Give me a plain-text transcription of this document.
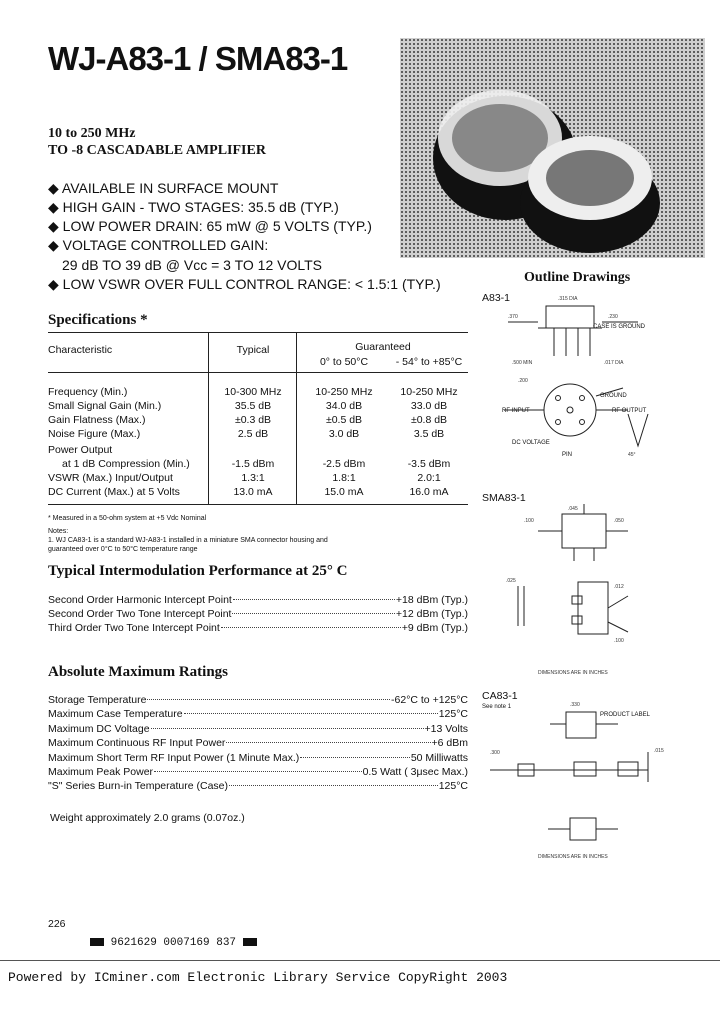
WJ-A83-1 / SMA83-1
10 to 250 MHz
TO -8 CASCADABLE AMPLIFIER
◆ AVAILABLE IN SURFACE MOUNT
◆ HIGH GAIN - TWO STAGES: 35.5 dB (TYP.)
◆ LOW POWER DRAIN: 65 mW @ 5 VOLTS (TYP.)
◆ VOLTAGE CONTROLLED GAIN:
29 dB TO 39 dB @ Vcc = 3 TO 12 VOLTS
◆ LOW VSWR OVER FULL CONTROL RANGE: < 1.5:1 (TYP.)
Specifications *
Characteristic	Typical	Guaranteed
0° to 50°C	- 54° to +85°C
Frequency (Min.)	10-300 MHz	10-250 MHz	10-250 MHz
Small Signal Gain (Min.)	35.5 dB	34.0 dB	33.0 dB
Gain Flatness (Max.)	±0.3 dB	±0.5 dB	±0.8 dB
Noise Figure (Max.)	2.5 dB	3.0 dB	3.5 dB
Power Output
at 1 dB Compression (Min.)	-1.5 dBm	-2.5 dBm	-3.5 dBm
VSWR (Max.) Input/Output	1.3:1	1.8:1	2.0:1
DC Current (Max.) at 5 Volts	13.0 mA	15.0 mA	16.0 mA
* Measured in a 50-ohm system at +5 Vdc Nominal
Notes:
1. WJ CA83-1 is a standard WJ-A83-1 installed in a miniature SMA connector housing and
guaranteed over 0°C to 50°C temperature range
Typical Intermodulation Performance at 25° C
Second Order Harmonic Intercept Point	+18 dBm (Typ.)
Second Order Two Tone Intercept Point	+12 dBm (Typ.)
Third Order Two Tone Intercept Point	+9 dBm (Typ.)
Absolute Maximum Ratings
Storage Temperature	-62°C to +125°C
Maximum Case Temperature	125°C
Maximum DC Voltage	+13 Volts
Maximum Continuous RF Input Power	+6 dBm
Maximum Short Term RF Input Power (1 Minute Max.)	50 Milliwatts
Maximum Peak Power	0.5 Watt ( 3μsec Max.)
"S" Series Burn-in Temperature (Case)	125°C
Weight approximately 2.0 grams (0.07oz.)
Outline Drawings
A83-1
SMA83-1
CA83-1
See note 1
CASE IS GROUND
GROUND
RF INPUT	RF OUTPUT
DC VOLTAGE
PIN
PRODUCT LABEL
.315 DIA
.370	.230
.500 MIN	.017 DIA
.200
45°
.045
.100	.050
.025
.012
.100
DIMENSIONS ARE IN INCHES
.330
.300	.015
DIMENSIONS ARE IN INCHES
226
9621629 0007169 837
Powered by ICminer.com Electronic Library Service CopyRight 2003
